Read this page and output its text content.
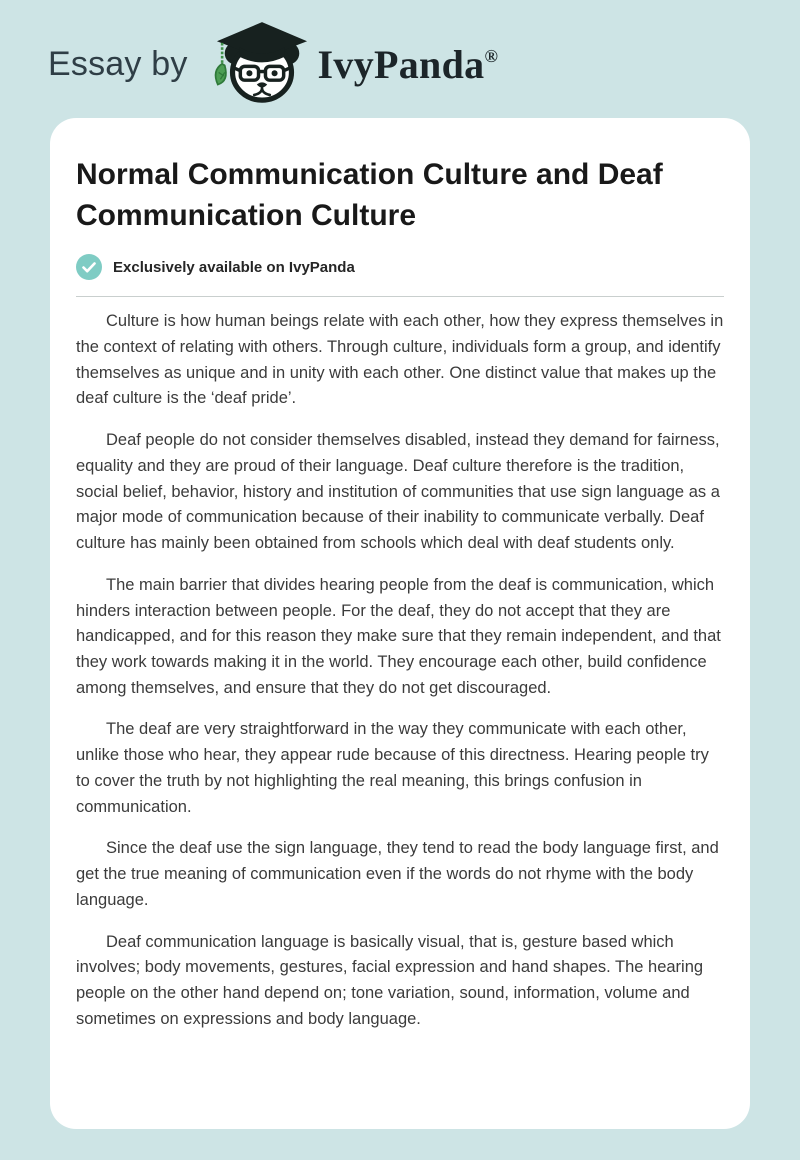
Essay by	IvyPanda®
Normal Communication Culture and Deaf Communication Culture
Exclusively available on IvyPanda

Culture is how human beings relate with each other, how they express themselves in the context of relating with others. Through culture, individuals form a group, and identify themselves as unique and in unity with each other. One distinct value that makes up the deaf culture is the ‘deaf pride’.

Deaf people do not consider themselves disabled, instead they demand for fairness, equality and they are proud of their language. Deaf culture therefore is the tradition, social belief, behavior, history and institution of communities that use sign language as a major mode of communication because of their inability to communicate verbally. Deaf culture has mainly been obtained from schools which deal with deaf students only.

The main barrier that divides hearing people from the deaf is communication, which hinders interaction between people. For the deaf, they do not accept that they are handicapped, and for this reason they make sure that they remain independent, and that they work towards making it in the world. They encourage each other, build confidence among themselves, and ensure that they do not get discouraged.

The deaf are very straightforward in the way they communicate with each other, unlike those who hear, they appear rude because of this directness. Hearing people try to cover the truth by not highlighting the real meaning, this brings confusion in communication.

Since the deaf use the sign language, they tend to read the body language first, and get the true meaning of communication even if the words do not rhyme with the body language.

Deaf communication language is basically visual, that is, gesture based which involves; body movements, gestures, facial expression and hand shapes. The hearing people on the other hand depend on; tone variation, sound, information, volume and sometimes on expressions and body language.
